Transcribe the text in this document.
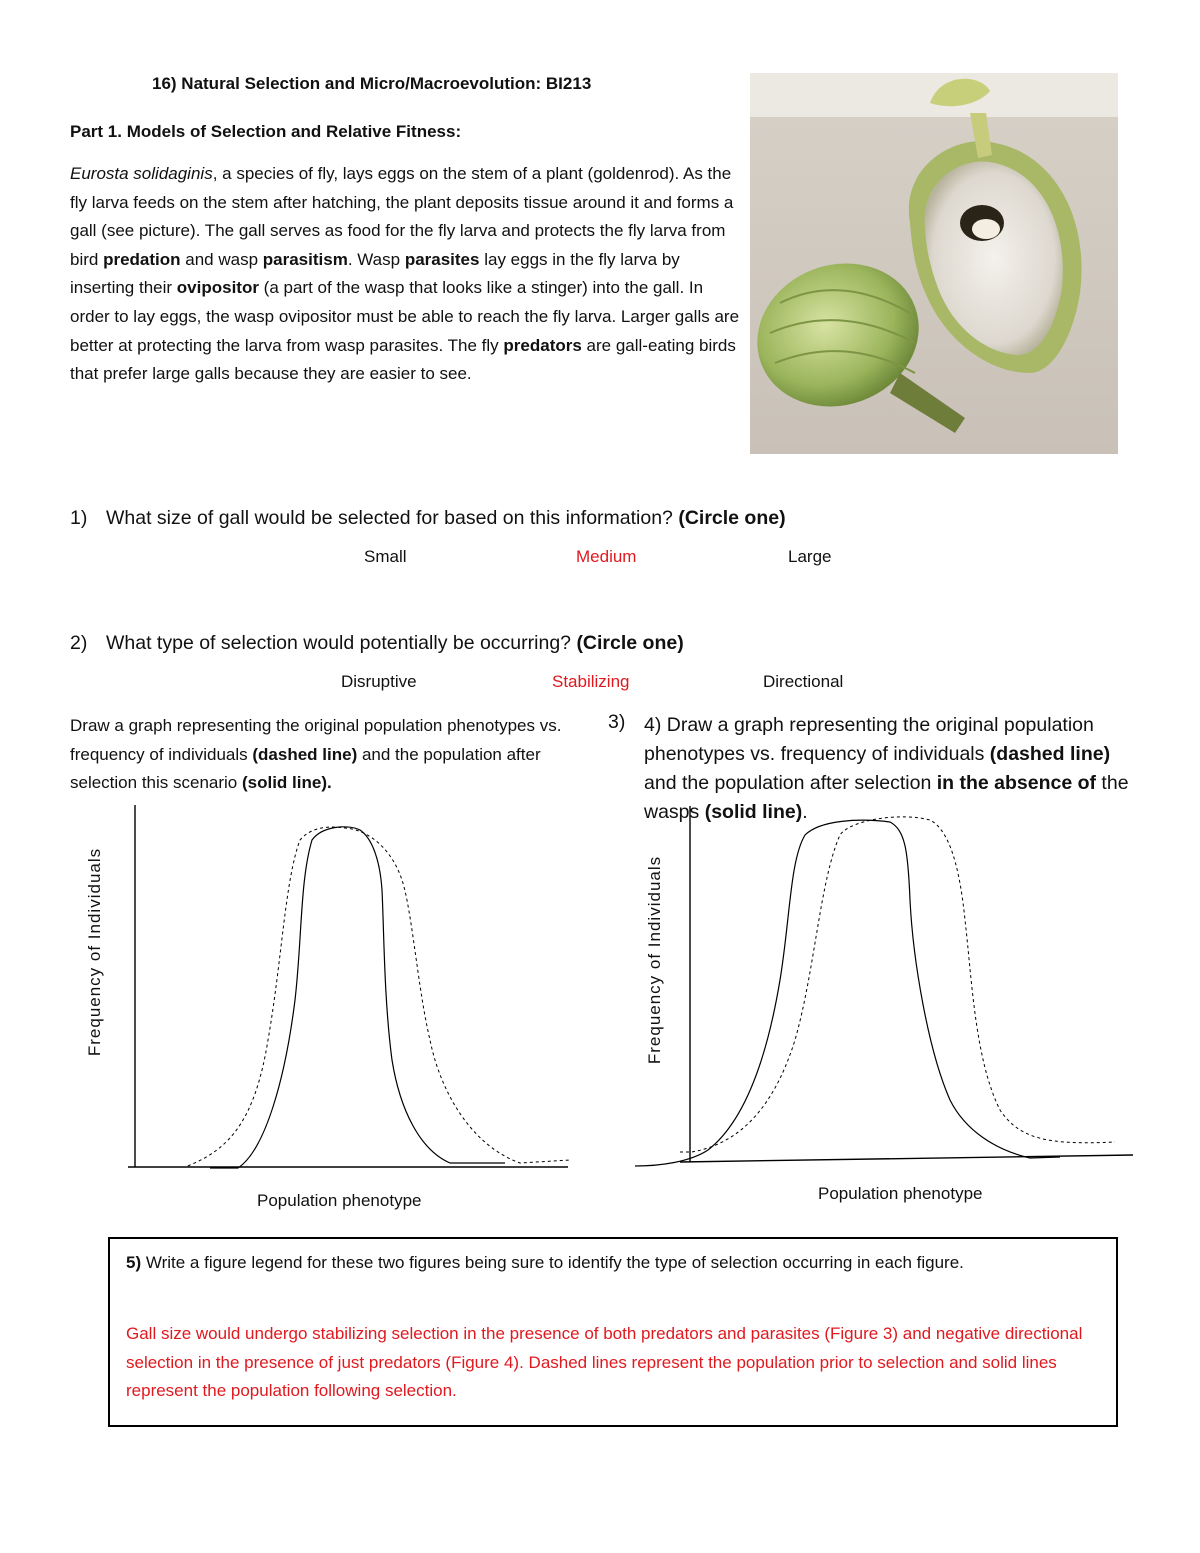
16) Natural Selection and Micro/Macroevolution: BI213
Part 1. Models of Selection and Relative Fitness:
Eurosta solidaginis, a species of fly, lays eggs on the stem of a plant (goldenrod). As the fly larva feeds on the stem after hatching, the plant deposits tissue around it and forms a gall (see picture). The gall serves as food for the fly larva and protects the fly larva from bird predation and wasp parasitism. Wasp parasites lay eggs in the fly larva by inserting their ovipositor (a part of the wasp that looks like a stinger) into the gall. In order to lay eggs, the wasp ovipositor must be able to reach the fly larva. Larger galls are better at protecting the larva from wasp parasites. The fly predators are gall-eating birds that prefer large galls because they are easier to see.
1) What size of gall would be selected for based on this information? (Circle one)
Small	Medium	Large
2) What type of selection would potentially be occurring? (Circle one)
Disruptive	Stabilizing	Directional
Draw a graph representing the original population phenotypes vs. frequency of individuals (dashed line) and the population after selection this scenario (solid line).
3) 4) Draw a graph representing the original population phenotypes vs. frequency of individuals (dashed line) and the population after selection in the absence of the wasps (solid line).
Frequency of Individuals
Population phenotype
Frequency of Individuals
Population phenotype
5) Write a figure legend for these two figures being sure to identify the type of selection occurring in each figure.
Gall size would undergo stabilizing selection in the presence of both predators and parasites (Figure 3) and negative directional selection in the presence of just predators (Figure 4). Dashed lines represent the population prior to selection and solid lines represent the population following selection.
